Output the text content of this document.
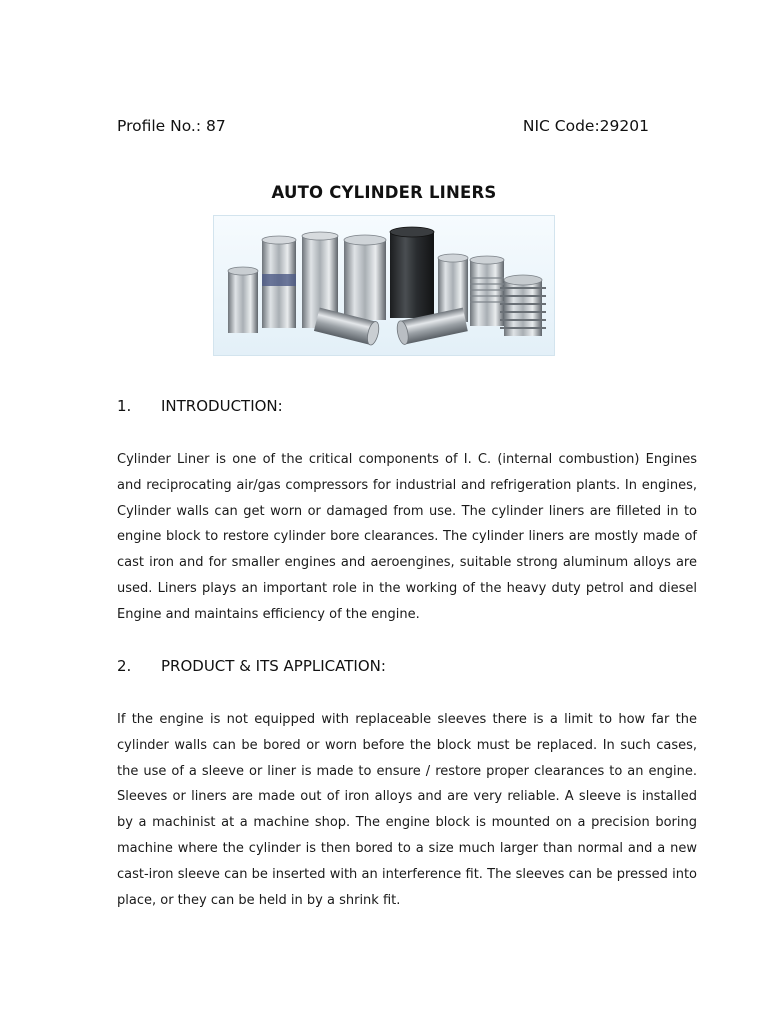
Profile No.: 87	NIC Code:29201
AUTO CYLINDER LINERS
1. INTRODUCTION:

Cylinder Liner is one of the critical components of I. C. (internal combustion) Engines and reciprocating air/gas compressors for industrial and refrigeration plants. In engines, Cylinder walls can get worn or damaged from use. The cylinder liners are filleted in to engine block to restore cylinder bore clearances. The cylinder liners are mostly made of cast iron and for smaller engines and aeroengines, suitable strong aluminum alloys are used. Liners plays an important role in the working of the heavy duty petrol and diesel Engine and maintains efficiency of the engine.

2. PRODUCT & ITS APPLICATION:

If the engine is not equipped with replaceable sleeves there is a limit to how far the cylinder walls can be bored or worn before the block must be replaced. In such cases, the use of a sleeve or liner is made to ensure / restore proper clearances to an engine. Sleeves or liners are made out of iron alloys and are very reliable. A sleeve is installed by a machinist at a machine shop. The engine block is mounted on a precision boring machine where the cylinder is then bored to a size much larger than normal and a new cast-iron sleeve can be inserted with an interference fit. The sleeves can be pressed into place, or they can be held in by a shrink fit.
